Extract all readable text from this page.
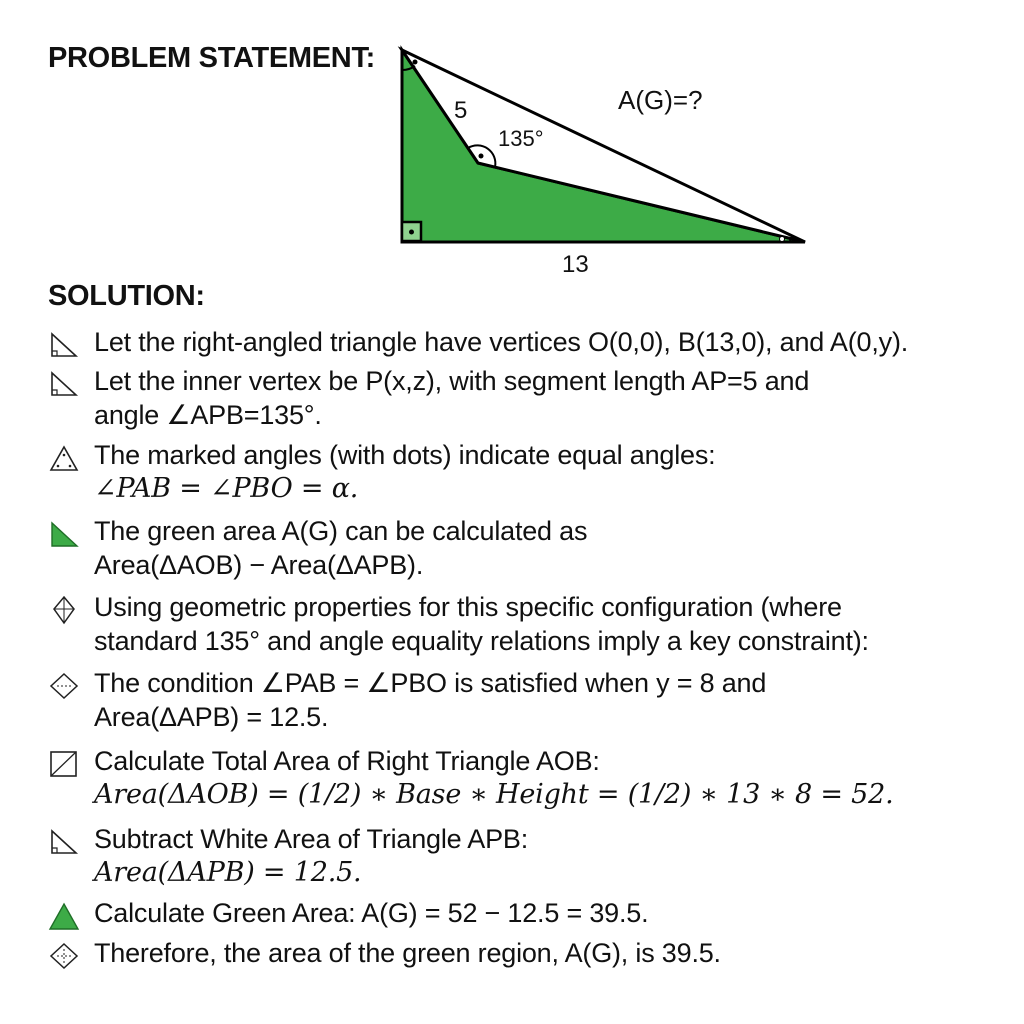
PROBLEM STATEMENT:
5
135°
13
A(G)=?
SOLUTION:
Let the right-angled triangle have vertices O(0,0), B(13,0), and A(0,y).
Let the inner vertex be P(x,z), with segment length AP=5 and
angle ∠APB=135°.
The marked angles (with dots) indicate equal angles:
∠PAB = ∠PBO = α.
The green area A(G) can be calculated as
Area(ΔAOB) − Area(ΔAPB).
Using geometric properties for this specific configuration (where
standard 135° and angle equality relations imply a key constraint):
The condition ∠PAB = ∠PBO is satisfied when y = 8 and
Area(ΔAPB) = 12.5.
Calculate Total Area of Right Triangle AOB:
Area(ΔAOB) = (1/2) ∗ Base ∗ Height = (1/2) ∗ 13 ∗ 8 = 52.
Subtract White Area of Triangle APB:
Area(ΔAPB) = 12.5.
Calculate Green Area: A(G) = 52 − 12.5 = 39.5.
Therefore, the area of the green region, A(G), is 39.5.
